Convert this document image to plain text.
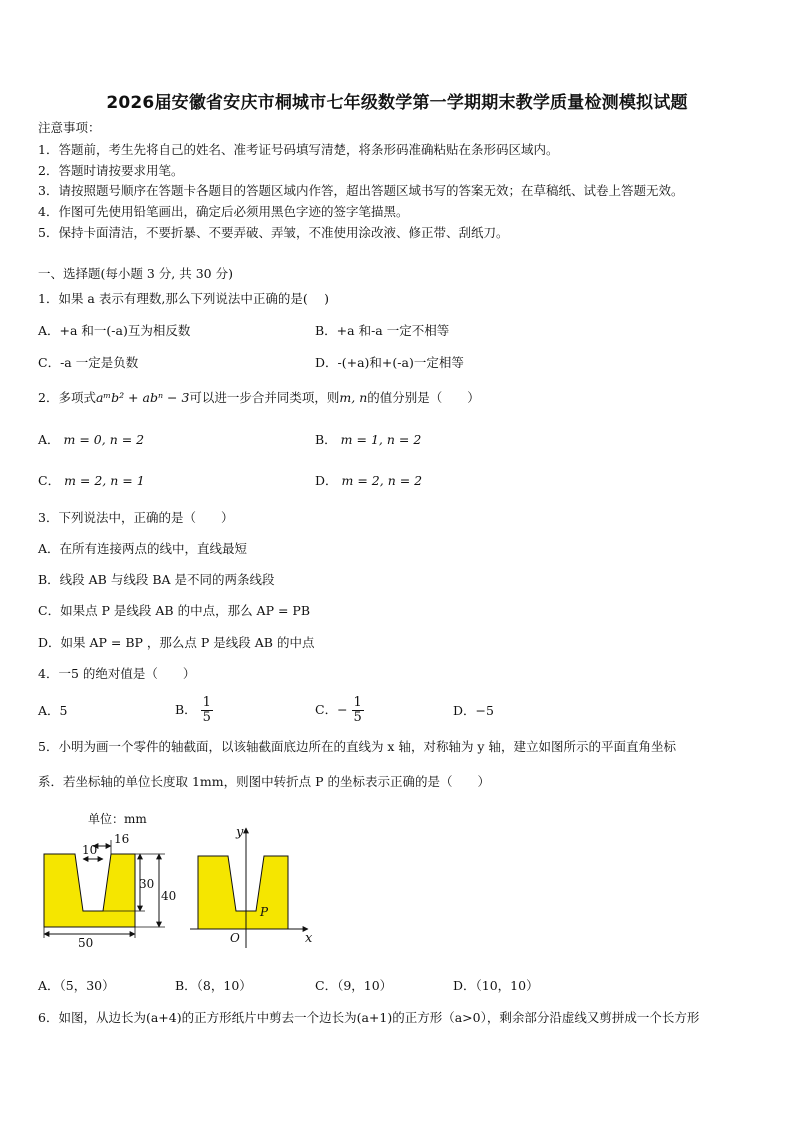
2026届安徽省安庆市桐城市七年级数学第一学期期末教学质量检测模拟试题
注意事项：
1．答题前，考生先将自己的姓名、准考证号码填写清楚，将条形码准确粘贴在条形码区域内。
2．答题时请按要求用笔。
3．请按照题号顺序在答题卡各题目的答题区域内作答，超出答题区域书写的答案无效；在草稿纸、试卷上答题无效。
4．作图可先使用铅笔画出，确定后必须用黑色字迹的签字笔描黑。
5．保持卡面清洁，不要折暴、不要弄破、弄皱，不准使用涂改液、修正带、刮纸刀。
一、选择题(每小题 3 分, 共 30 分)
1．如果 a 表示有理数,那么下列说法中正确的是(　 )
A．+a 和一(-a)互为相反数	B．+a 和-a 一定不相等
C．-a 一定是负数	D．-(+a)和+(-a)一定相等
2．多项式aᵐb² + abⁿ − 3可以进一步合并同类项，则m, n的值分别是（　　）
A． m = 0, n = 2	B． m = 1, n = 2
C． m = 2, n = 1	D． m = 2, n = 2
3．下列说法中，正确的是（　　）
A．在所有连接两点的线中，直线最短
B．线段 AB 与线段 BA 是不同的两条线段
C．如果点 P 是线段 AB 的中点，那么 AP = PB
D．如果 AP = BP ，那么点 P 是线段 AB 的中点
4．一5 的绝对值是（　　）
A．5	B． $\frac{1}{5}$	C．− $\frac{1}{5}$	D．−5
5．小明为画一个零件的轴截面，以该轴截面底边所在的直线为 x 轴，对称轴为 y 轴，建立如图所示的平面直角坐标
系．若坐标轴的单位长度取 1mm，则图中转折点 P 的坐标表示正确的是（　　）
单位：mm
16
10
30
40
50
y
x
O
P
A．（5，30）	B．（8，10）	C．（9，10）	D．（10，10）
6．如图，从边长为(a+4)的正方形纸片中剪去一个边长为(a+1)的正方形（a>0），剩余部分沿虚线又剪拼成一个长方形
